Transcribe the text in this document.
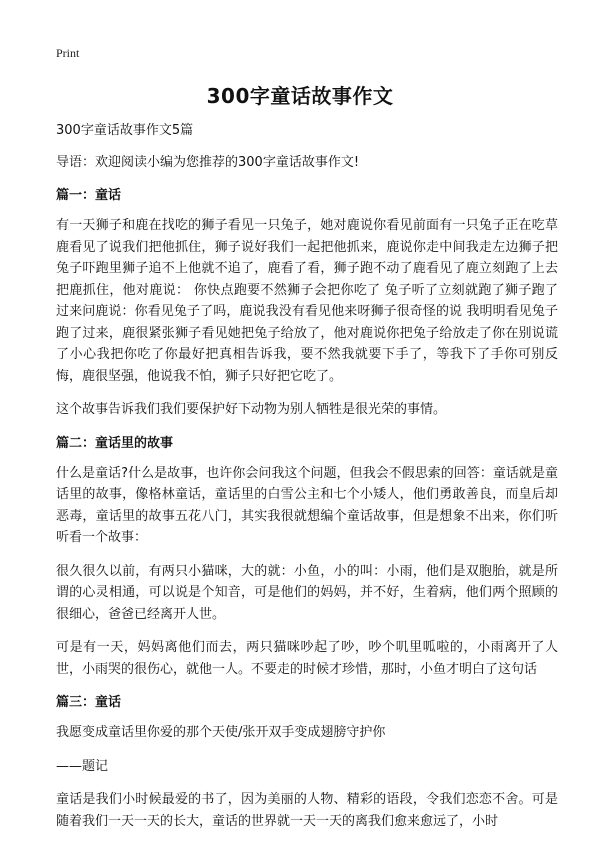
Print
300字童话故事作文

300字童话故事作文5篇

导语：欢迎阅读小编为您推荐的300字童话故事作文!

篇一：童话

有一天狮子和鹿在找吃的狮子看见一只兔子，她对鹿说你看见前面有一只兔子正在吃草鹿看见了说我们把他抓住，狮子说好我们一起把他抓来，鹿说你走中间我走左边狮子把兔子吓跑里狮子追不上他就不追了，鹿看了看，狮子跑不动了鹿看见了鹿立刻跑了上去把鹿抓住，他对鹿说： 你快点跑要不然狮子会把你吃了 兔子听了立刻就跑了狮子跑了过来问鹿说：你看见兔子了吗，鹿说我没有看见他来呀狮子很奇怪的说 我明明看见兔子跑了过来，鹿很紧张狮子看见她把兔子给放了，他对鹿说你把兔子给放走了你在别说谎了小心我把你吃了你最好把真相告诉我，要不然我就要下手了，等我下了手你可别反悔，鹿很坚强，他说我不怕，狮子只好把它吃了。

这个故事告诉我们我们要保护好下动物为别人牺牲是很光荣的事情。

篇二：童话里的故事

什么是童话?什么是故事，也许你会问我这个问题，但我会不假思索的回答：童话就是童话里的故事，像格林童话，童话里的白雪公主和七个小矮人，他们勇敢善良，而皇后却恶毒，童话里的故事五花八门，其实我很就想编个童话故事，但是想象不出来，你们听听看一个故事：

很久很久以前，有两只小猫咪，大的就：小鱼，小的叫：小雨，他们是双胞胎，就是所谓的心灵相通，可以说是个知音，可是他们的妈妈，并不好，生着病，他们两个照顾的很细心，爸爸已经离开人世。

可是有一天，妈妈离他们而去，两只猫咪吵起了吵，吵个叽里呱啦的，小雨离开了人世，小雨哭的很伤心，就他一人。不要走的时候才珍惜，那时，小鱼才明白了这句话

篇三：童话

我愿变成童话里你爱的那个天使/张开双手变成翅膀守护你

——题记

童话是我们小时候最爱的书了，因为美丽的人物、精彩的语段，令我们恋恋不舍。可是随着我们一天一天的长大，童话的世界就一天一天的离我们愈来愈远了，小时
